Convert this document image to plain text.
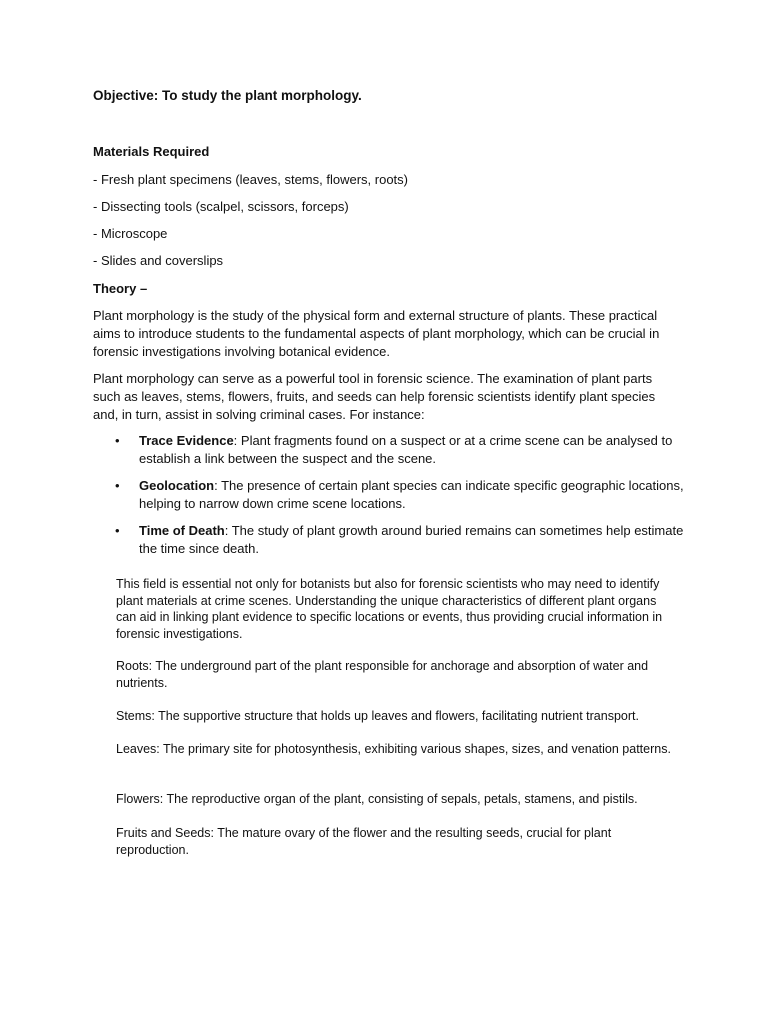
Objective: To study the plant morphology.

Materials Required

- Fresh plant specimens (leaves, stems, flowers, roots)

- Dissecting tools (scalpel, scissors, forceps)

- Microscope

- Slides and coverslips

Theory –

Plant morphology is the study of the physical form and external structure of plants. These practical aims to introduce students to the fundamental aspects of plant morphology, which can be crucial in forensic investigations involving botanical evidence.

Plant morphology can serve as a powerful tool in forensic science. The examination of plant parts such as leaves, stems, flowers, fruits, and seeds can help forensic scientists identify plant species and, in turn, assist in solving criminal cases. For instance:

• Trace Evidence: Plant fragments found on a suspect or at a crime scene can be analysed to establish a link between the suspect and the scene.
• Geolocation: The presence of certain plant species can indicate specific geographic locations, helping to narrow down crime scene locations.
• Time of Death: The study of plant growth around buried remains can sometimes help estimate the time since death.

This field is essential not only for botanists but also for forensic scientists who may need to identify plant materials at crime scenes. Understanding the unique characteristics of different plant organs can aid in linking plant evidence to specific locations or events, thus providing crucial information in forensic investigations.

Roots: The underground part of the plant responsible for anchorage and absorption of water and nutrients.

Stems: The supportive structure that holds up leaves and flowers, facilitating nutrient transport.

Leaves: The primary site for photosynthesis, exhibiting various shapes, sizes, and venation patterns.

Flowers: The reproductive organ of the plant, consisting of sepals, petals, stamens, and pistils.

Fruits and Seeds: The mature ovary of the flower and the resulting seeds, crucial for plant reproduction.
